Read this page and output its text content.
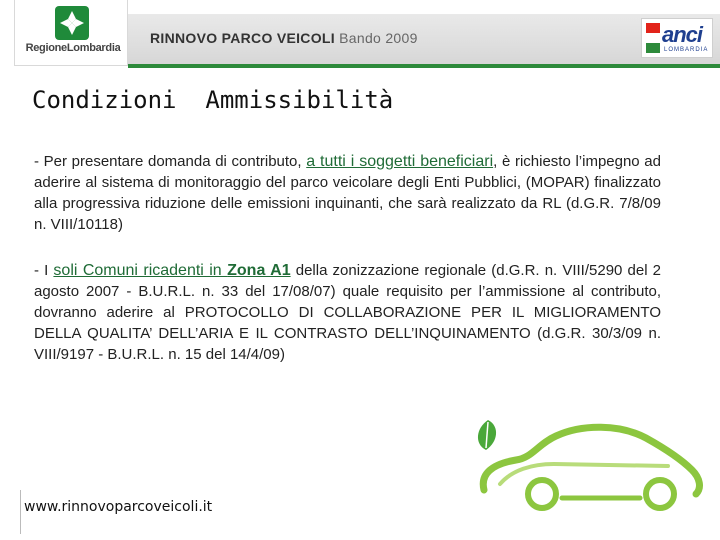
RegioneLombardia
RINNOVO PARCO VEICOLI Bando 2009	anci
LOMBARDIA
Condizioni  Ammissibilità
- Per presentare domanda di contributo, a tutti i soggetti beneficiari, è richiesto l’impegno ad aderire al sistema di monitoraggio del parco veicolare degli Enti Pubblici, (MOPAR) finalizzato alla progressiva riduzione delle emissioni inquinanti, che sarà realizzato da RL (d.G.R. 7/8/09 n. VIII/10118)
- I soli Comuni ricadenti in Zona A1 della zonizzazione regionale (d.G.R. n. VIII/5290 del 2 agosto 2007 - B.U.R.L. n. 33 del 17/08/07) quale requisito per l’ammissione al contributo, dovranno aderire al PROTOCOLLO DI COLLABORAZIONE PER IL MIGLIORAMENTO DELLA QUALITA’ DELL’ARIA E IL CONTRASTO DELL’INQUINAMENTO (d.G.R. 30/3/09 n. VIII/9197 - B.U.R.L. n. 15 del 14/4/09)
www.rinnovoparcoveicoli.it
